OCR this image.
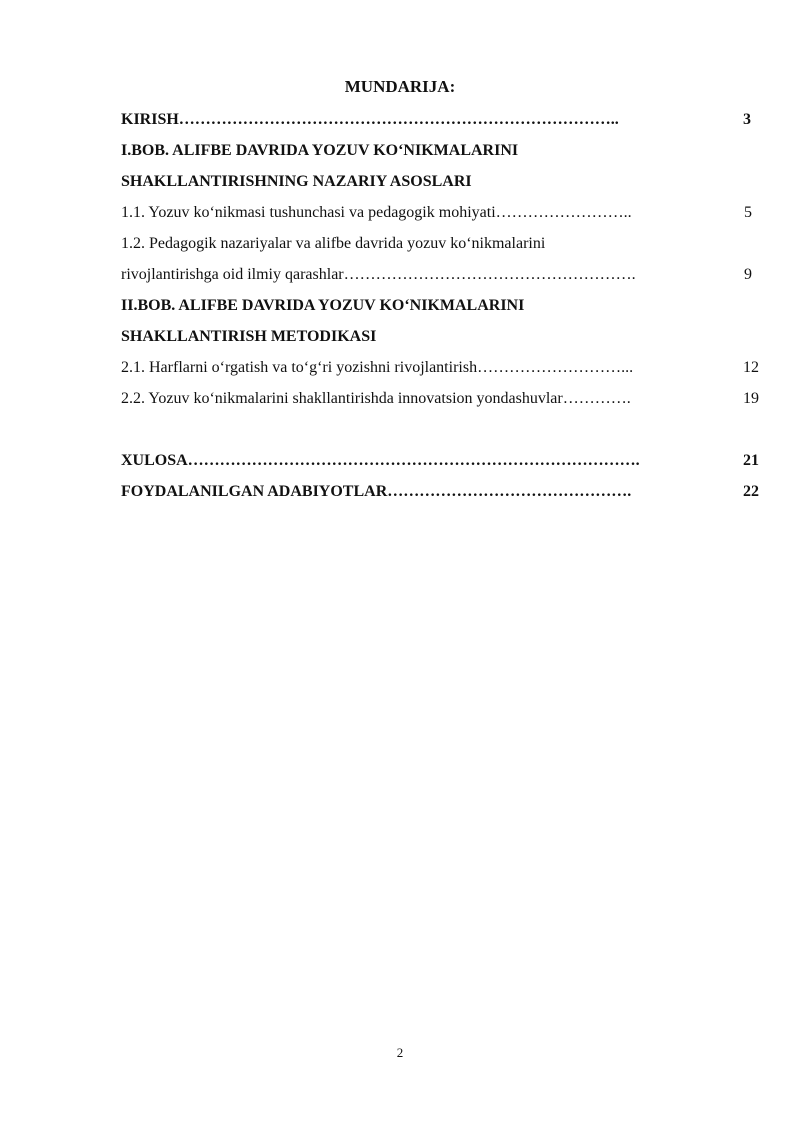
MUNDARIJA:
KIRISH………………………………………………………………………..	3
I.BOB. ALIFBE DAVRIDA YOZUV KO‘NIKMALARINI
SHAKLLANTIRISHNING NAZARIY ASOSLARI
1.1. Yozuv ko‘nikmasi tushunchasi va pedagogik mohiyati……………………..	5
1.2. Pedagogik nazariyalar va alifbe davrida yozuv ko‘nikmalarini
rivojlantirishga oid ilmiy qarashlar……………………………………………….	9
II.BOB. ALIFBE DAVRIDA YOZUV KO‘NIKMALARINI
SHAKLLANTIRISH METODIKASI
2.1. Harflarni o‘rgatish va to‘g‘ri yozishni rivojlantirish………………………...	12
2.2. Yozuv ko‘nikmalarini shakllantirishda innovatsion yondashuvlar………….	19
XULOSA………………………………………………………………………….	21
FOYDALANILGAN ADABIYOTLAR……………………………………….	22
2
